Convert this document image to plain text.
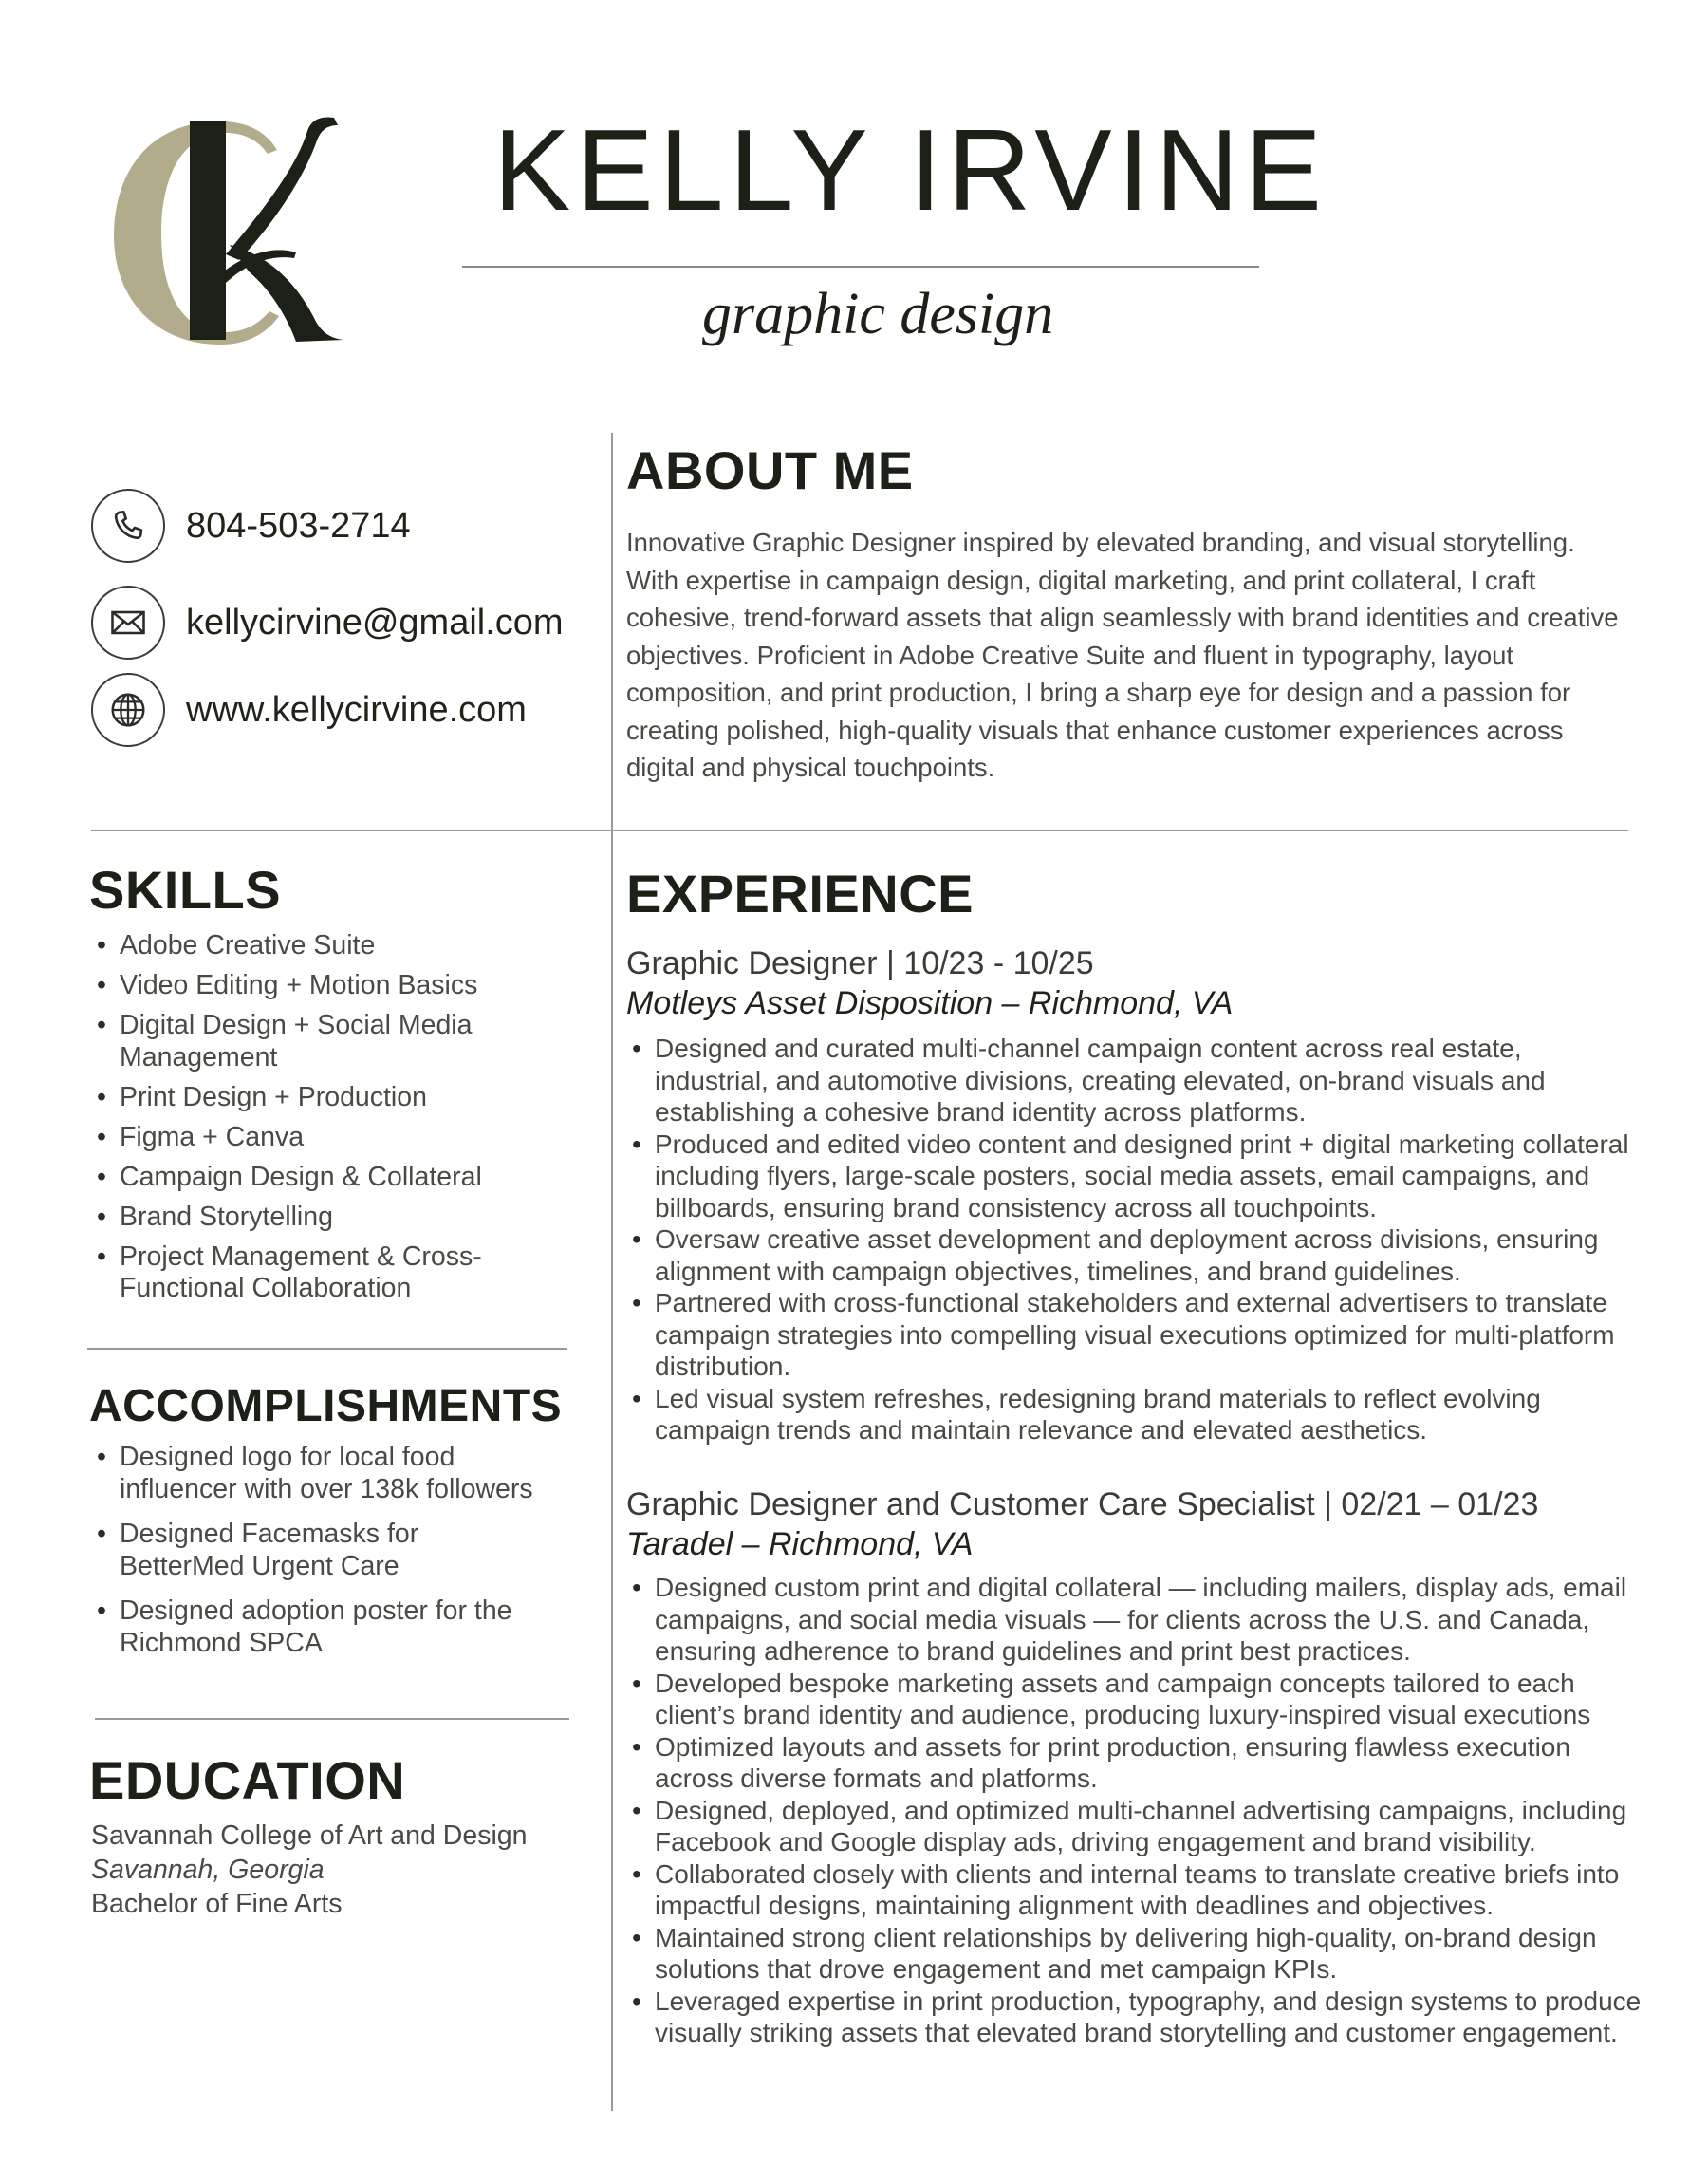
KELLY IRVINE
graphic design
804-503-2714
kellycirvine@gmail.com
www.kellycirvine.com
ABOUT ME
Innovative Graphic Designer inspired by elevated branding, and visual storytelling. With expertise in campaign design, digital marketing, and print collateral, I craft cohesive, trend-forward assets that align seamlessly with brand identities and creative objectives. Proficient in Adobe Creative Suite and fluent in typography, layout composition, and print production, I bring a sharp eye for design and a passion for creating polished, high-quality visuals that enhance customer experiences across digital and physical touchpoints.
SKILLS
• Adobe Creative Suite
• Video Editing + Motion Basics
• Digital Design + Social Media Management
• Print Design + Production
• Figma + Canva
• Campaign Design & Collateral
• Brand Storytelling
• Project Management & Cross-Functional Collaboration
ACCOMPLISHMENTS
• Designed logo for local food influencer with over 138k followers
• Designed Facemasks for BetterMed Urgent Care
• Designed adoption poster for the Richmond SPCA
EDUCATION
Savannah College of Art and Design
Savannah, Georgia
Bachelor of Fine Arts
EXPERIENCE
Graphic Designer | 10/23 - 10/25
Motleys Asset Disposition – Richmond, VA
• Designed and curated multi-channel campaign content across real estate, industrial, and automotive divisions, creating elevated, on-brand visuals and establishing a cohesive brand identity across platforms.
• Produced and edited video content and designed print + digital marketing collateral including flyers, large-scale posters, social media assets, email campaigns, and billboards, ensuring brand consistency across all touchpoints.
• Oversaw creative asset development and deployment across divisions, ensuring alignment with campaign objectives, timelines, and brand guidelines.
• Partnered with cross-functional stakeholders and external advertisers to translate campaign strategies into compelling visual executions optimized for multi-platform distribution.
• Led visual system refreshes, redesigning brand materials to reflect evolving campaign trends and maintain relevance and elevated aesthetics.
Graphic Designer and Customer Care Specialist | 02/21 – 01/23
Taradel – Richmond, VA
• Designed custom print and digital collateral — including mailers, display ads, email campaigns, and social media visuals — for clients across the U.S. and Canada, ensuring adherence to brand guidelines and print best practices.
• Developed bespoke marketing assets and campaign concepts tailored to each client’s brand identity and audience, producing luxury-inspired visual executions
• Optimized layouts and assets for print production, ensuring flawless execution across diverse formats and platforms.
• Designed, deployed, and optimized multi-channel advertising campaigns, including Facebook and Google display ads, driving engagement and brand visibility.
• Collaborated closely with clients and internal teams to translate creative briefs into impactful designs, maintaining alignment with deadlines and objectives.
• Maintained strong client relationships by delivering high-quality, on-brand design solutions that drove engagement and met campaign KPIs.
• Leveraged expertise in print production, typography, and design systems to produce visually striking assets that elevated brand storytelling and customer engagement.
